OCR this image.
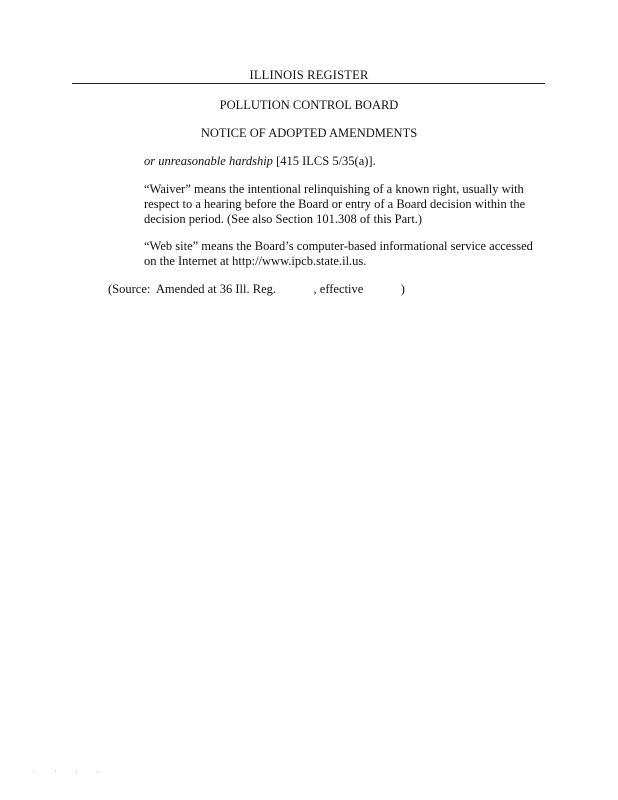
ILLINOIS REGISTER
POLLUTION CONTROL BOARD
NOTICE OF ADOPTED AMENDMENTS

or unreasonable hardship [415 ILCS 5/35(a)].

“Waiver” means the intentional relinquishing of a known right, usually with respect to a hearing before the Board or entry of a Board decision within the decision period. (See also Section 101.308 of this Part.)

“Web site” means the Board’s computer-based informational service accessed on the Internet at http://www.ipcb.state.il.us.

(Source:  Amended at 36 Ill. Reg.            , effective            )
. . . .
